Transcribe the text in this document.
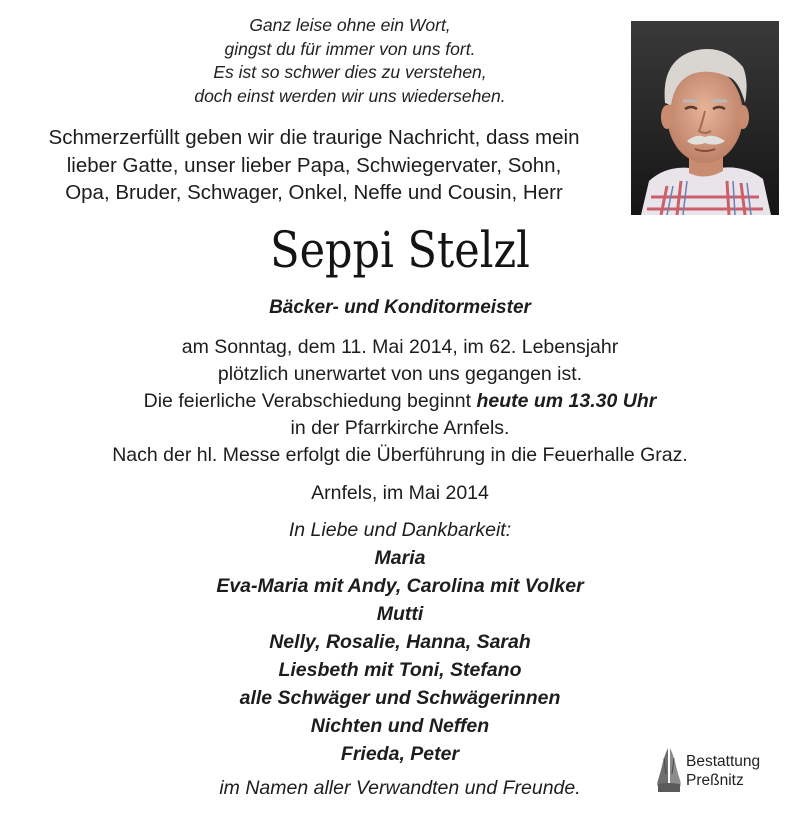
Ganz leise ohne ein Wort,
gingst du für immer von uns fort.
Es ist so schwer dies zu verstehen,
doch einst werden wir uns wiedersehen.
Schmerzerfüllt geben wir die traurige Nachricht, dass mein
lieber Gatte, unser lieber Papa, Schwiegervater, Sohn,
Opa, Bruder, Schwager, Onkel, Neffe und Cousin, Herr
Seppi Stelzl
Bäcker- und Konditormeister
am Sonntag, dem 11. Mai 2014, im 62. Lebensjahr
plötzlich unerwartet von uns gegangen ist.
Die feierliche Verabschiedung beginnt heute um 13.30 Uhr
in der Pfarrkirche Arnfels.
Nach der hl. Messe erfolgt die Überführung in die Feuerhalle Graz.
Arnfels, im Mai 2014
In Liebe und Dankbarkeit:
Maria
Eva-Maria mit Andy, Carolina mit Volker
Mutti
Nelly, Rosalie, Hanna, Sarah
Liesbeth mit Toni, Stefano
alle Schwäger und Schwägerinnen
Nichten und Neffen
Frieda, Peter
im Namen aller Verwandten und Freunde.
Bestattung
Preßnitz
